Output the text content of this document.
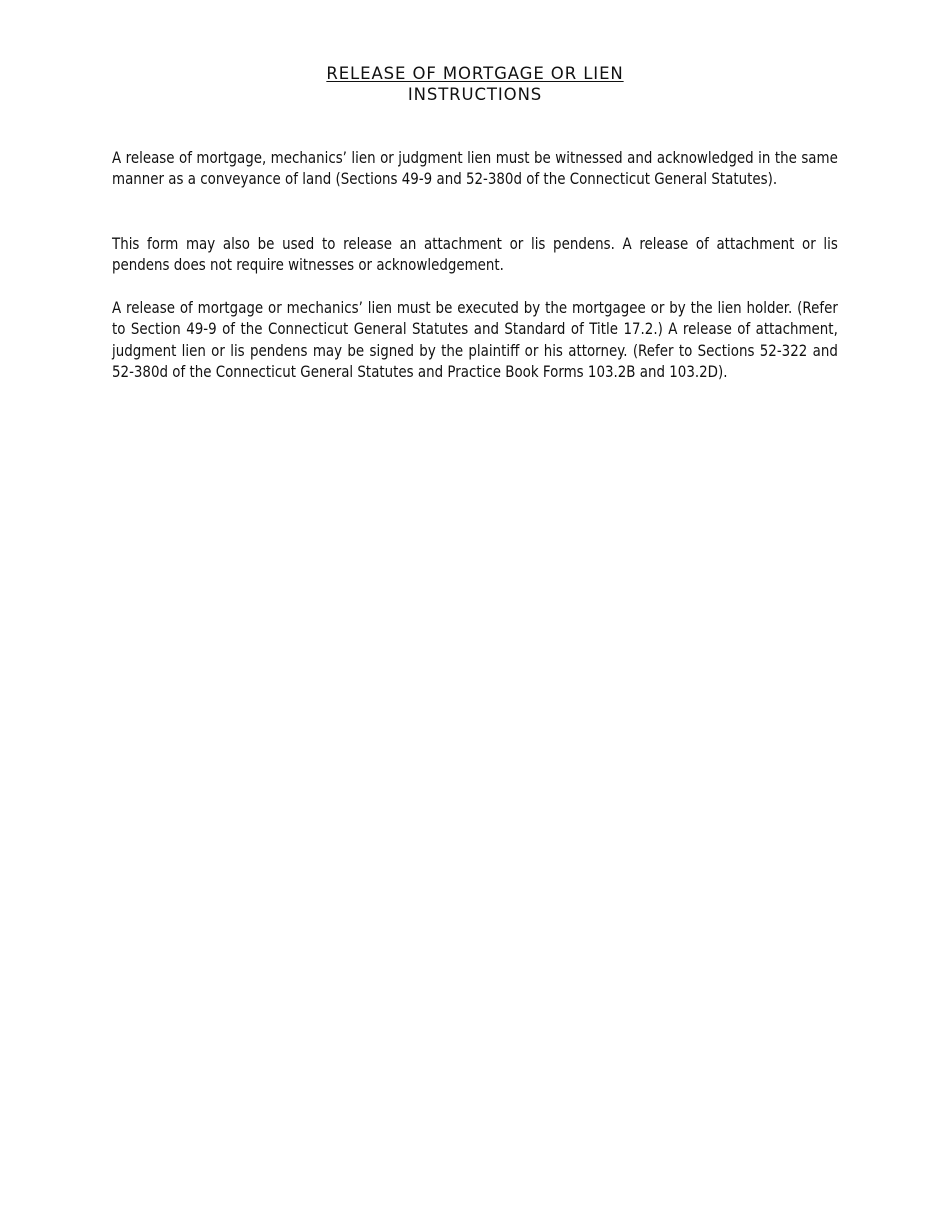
RELEASE OF MORTGAGE OR LIEN
INSTRUCTIONS

A release of mortgage, mechanics’ lien or judgment lien must be witnessed and acknowledged in the same manner as a conveyance of land (Sections 49-9 and 52-380d of the Connecticut General Statutes).

This form may also be used to release an attachment or lis pendens. A release of attachment or lis pendens does not require witnesses or acknowledgement.

A release of mortgage or mechanics’ lien must be executed by the mortgagee or by the lien holder. (Refer to Section 49-9 of the Connecticut General Statutes and Standard of Title 17.2.) A release of attachment, judgment lien or lis pendens may be signed by the plaintiff or his attorney. (Refer to Sections 52-322 and 52-380d of the Connecticut General Statutes and Practice Book Forms 103.2B and 103.2D).
